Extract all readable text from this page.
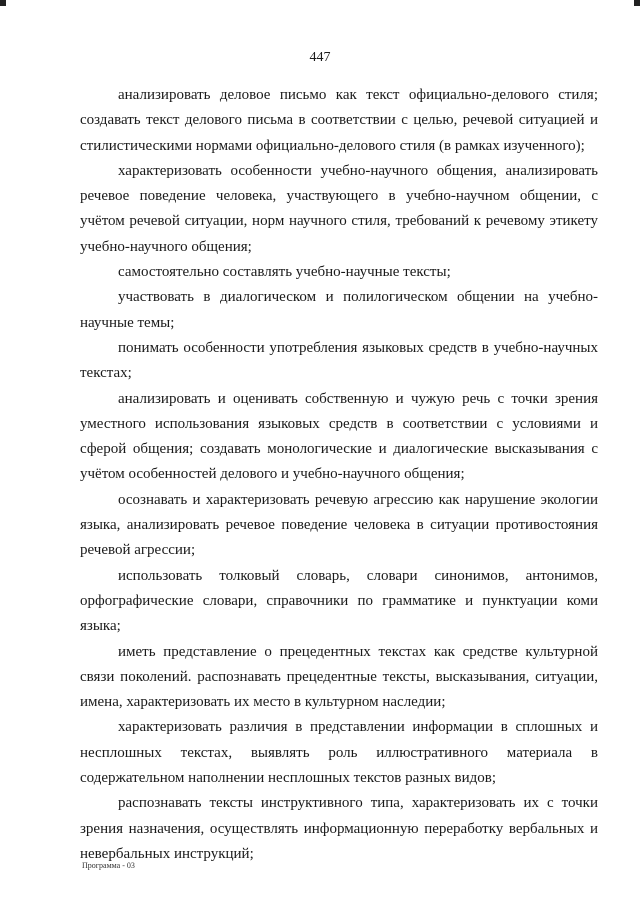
447

анализировать деловое письмо как текст официально-делового стиля; создавать текст делового письма в соответствии с целью, речевой ситуацией и стилистическими нормами официально-делового стиля (в рамках изученного);

характеризовать особенности учебно-научного общения, анализировать речевое поведение человека, участвующего в учебно-научном общении, с учётом речевой ситуации, норм научного стиля, требований к речевому этикету учебно-научного общения;

самостоятельно составлять учебно-научные тексты;

участвовать в диалогическом и полилогическом общении на учебно-научные темы;

понимать особенности употребления языковых средств в учебно-научных текстах;

анализировать и оценивать собственную и чужую речь с точки зрения уместного использования языковых средств в соответствии с условиями и сферой общения; создавать монологические и диалогические высказывания с учётом особенностей делового и учебно-научного общения;

осознавать и характеризовать речевую агрессию как нарушение экологии языка, анализировать речевое поведение человека в ситуации противостояния речевой агрессии;

использовать толковый словарь, словари синонимов, антонимов, орфографические словари, справочники по грамматике и пунктуации коми языка;

иметь представление о прецедентных текстах как средстве культурной связи поколений. распознавать прецедентные тексты, высказывания, ситуации, имена, характеризовать их место в культурном наследии;

характеризовать различия в представлении информации в сплошных и несплошных текстах, выявлять роль иллюстративного материала в содержательном наполнении несплошных текстов разных видов;

распознавать тексты инструктивного типа, характеризовать их с точки зрения назначения, осуществлять информационную переработку вербальных и невербальных инструкций;

Программа - 03
